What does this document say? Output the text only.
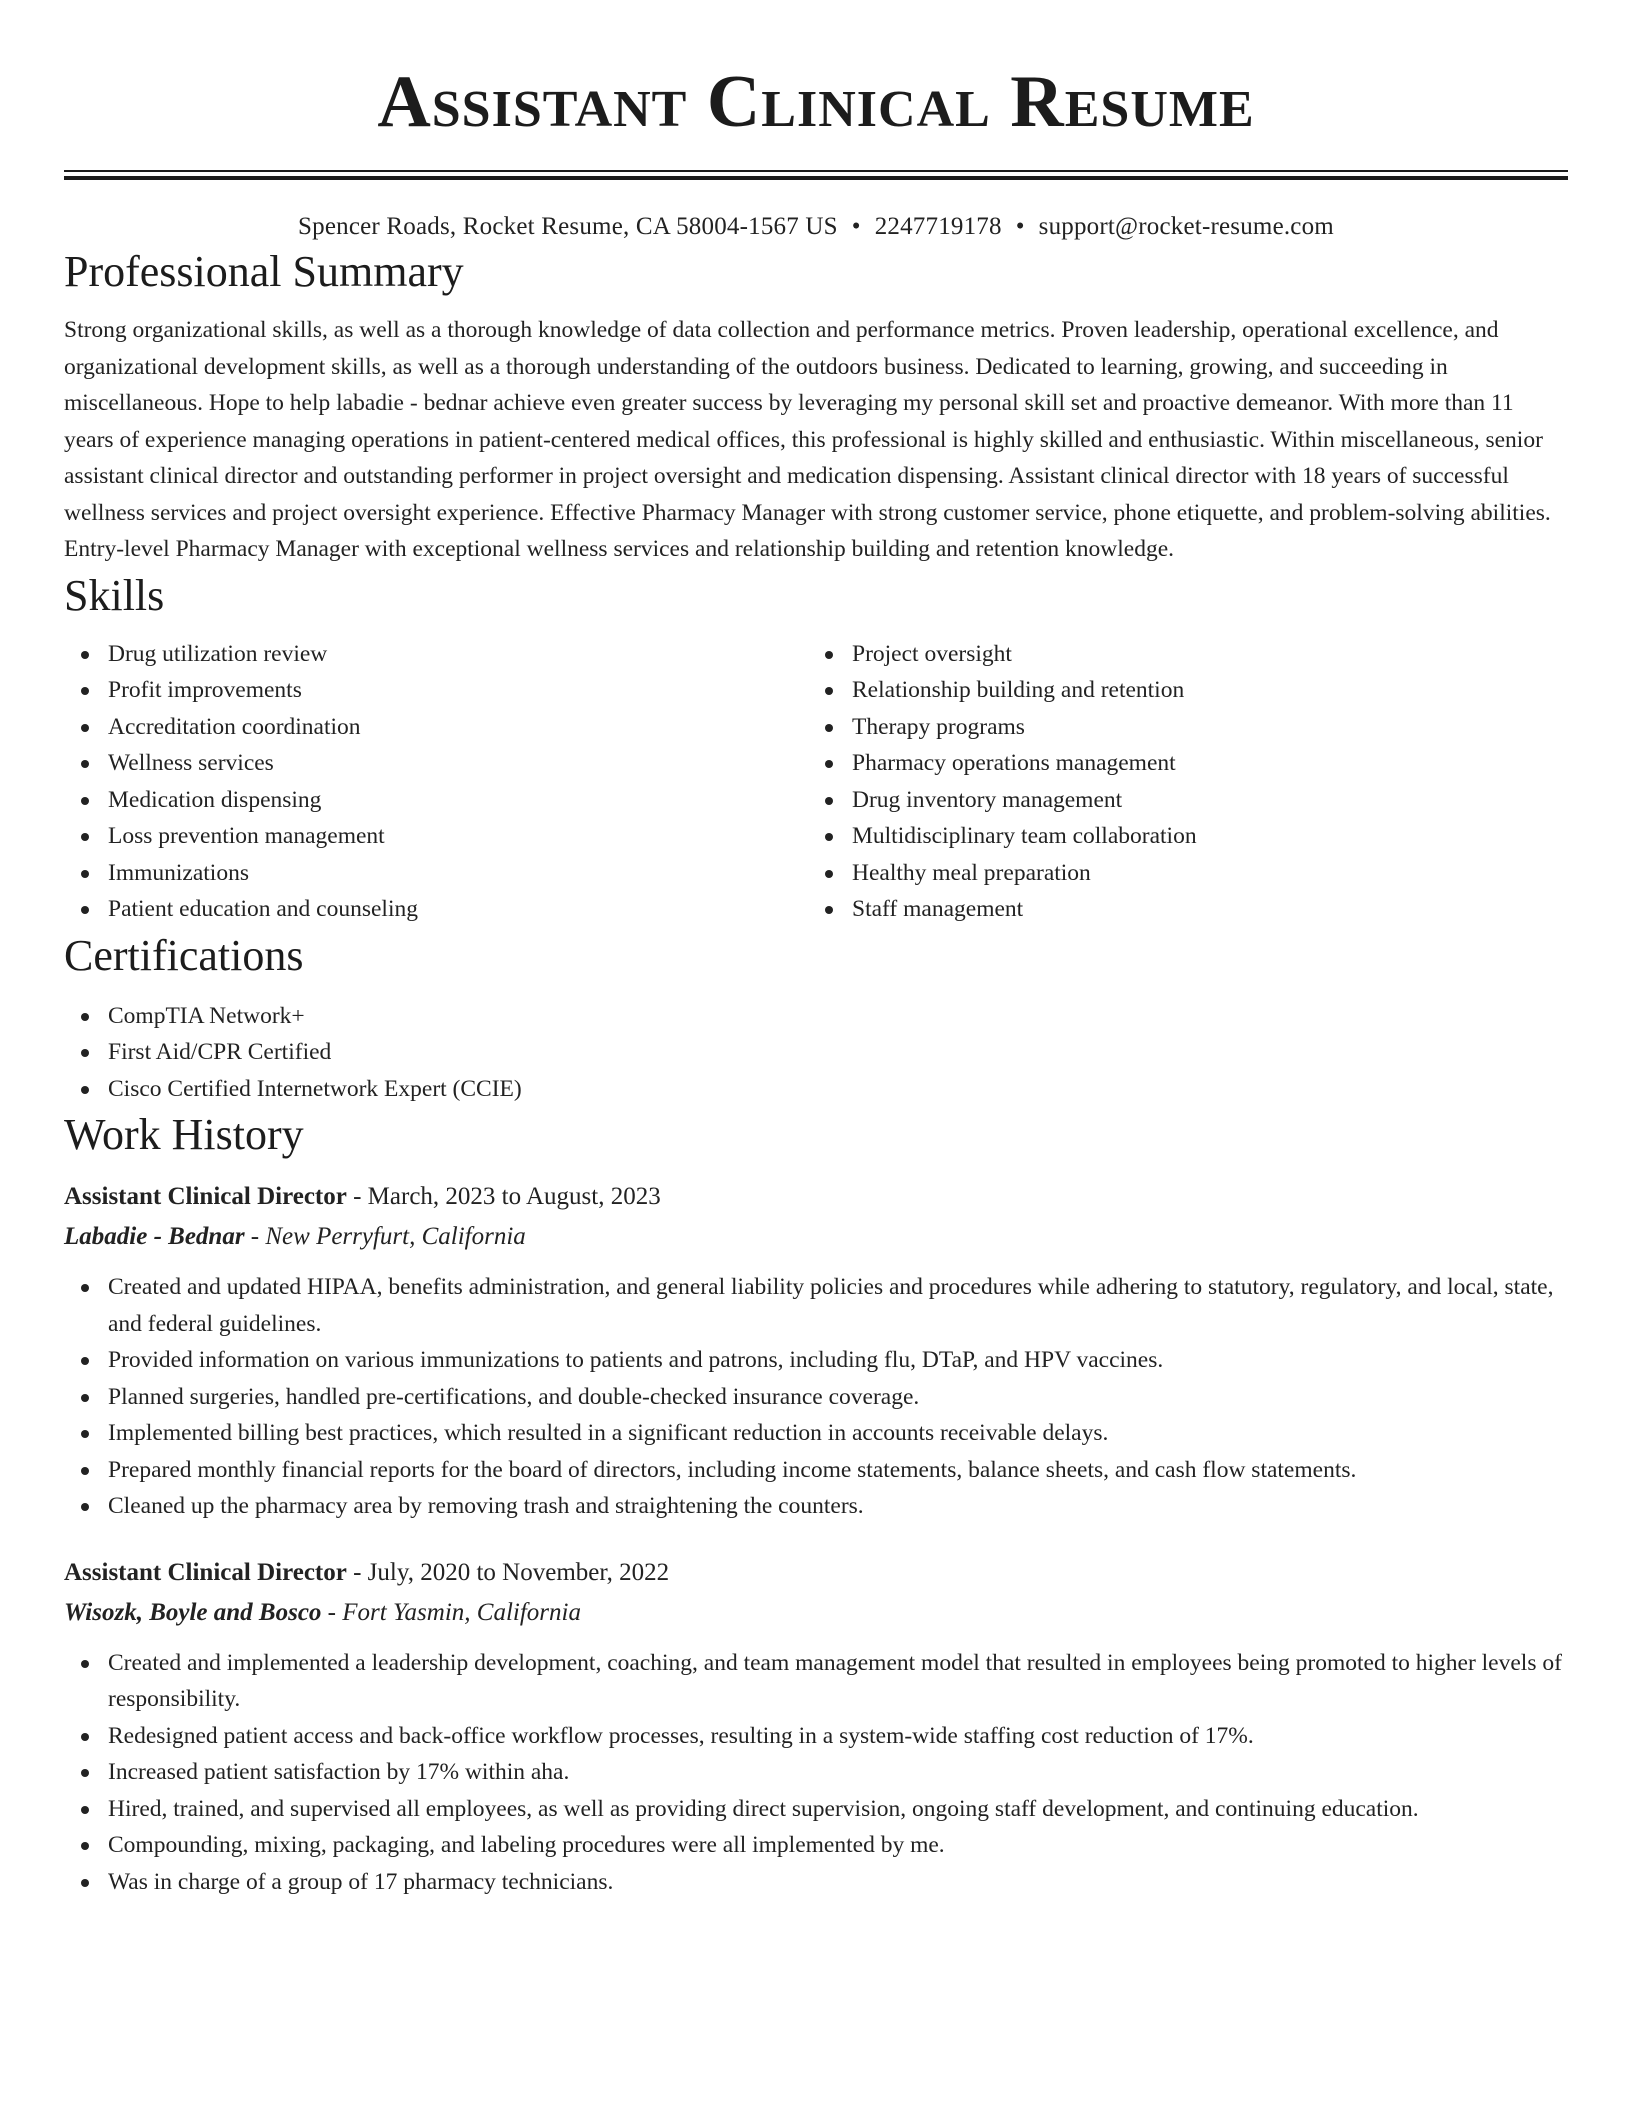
Assistant Clinical Resume
Spencer Roads, Rocket Resume, CA 58004-1567 US • 2247719178 • support@rocket-resume.com
Professional Summary

Strong organizational skills, as well as a thorough knowledge of data collection and performance metrics. Proven leadership, operational excellence, and organizational development skills, as well as a thorough understanding of the outdoors business. Dedicated to learning, growing, and succeeding in miscellaneous. Hope to help labadie - bednar achieve even greater success by leveraging my personal skill set and proactive demeanor. With more than 11 years of experience managing operations in patient-centered medical offices, this professional is highly skilled and enthusiastic. Within miscellaneous, senior assistant clinical director and outstanding performer in project oversight and medication dispensing. Assistant clinical director with 18 years of successful wellness services and project oversight experience. Effective Pharmacy Manager with strong customer service, phone etiquette, and problem-solving abilities. Entry-level Pharmacy Manager with exceptional wellness services and relationship building and retention knowledge.

Skills
Drug utilization review
Profit improvements
Accreditation coordination
Wellness services
Medication dispensing
Loss prevention management
Immunizations
Patient education and counseling
Project oversight
Relationship building and retention
Therapy programs
Pharmacy operations management
Drug inventory management
Multidisciplinary team collaboration
Healthy meal preparation
Staff management
Certifications
CompTIA Network+
First Aid/CPR Certified
Cisco Certified Internetwork Expert (CCIE)
Work History
Assistant Clinical Director - March, 2023 to August, 2023
Labadie - Bednar - New Perryfurt, California
Created and updated HIPAA, benefits administration, and general liability policies and procedures while adhering to statutory, regulatory, and local, state, and federal guidelines.
Provided information on various immunizations to patients and patrons, including flu, DTaP, and HPV vaccines.
Planned surgeries, handled pre-certifications, and double-checked insurance coverage.
Implemented billing best practices, which resulted in a significant reduction in accounts receivable delays.
Prepared monthly financial reports for the board of directors, including income statements, balance sheets, and cash flow statements.
Cleaned up the pharmacy area by removing trash and straightening the counters.
Assistant Clinical Director - July, 2020 to November, 2022
Wisozk, Boyle and Bosco - Fort Yasmin, California
Created and implemented a leadership development, coaching, and team management model that resulted in employees being promoted to higher levels of responsibility.
Redesigned patient access and back-office workflow processes, resulting in a system-wide staffing cost reduction of 17%.
Increased patient satisfaction by 17% within aha.
Hired, trained, and supervised all employees, as well as providing direct supervision, ongoing staff development, and continuing education.
Compounding, mixing, packaging, and labeling procedures were all implemented by me.
Was in charge of a group of 17 pharmacy technicians.
